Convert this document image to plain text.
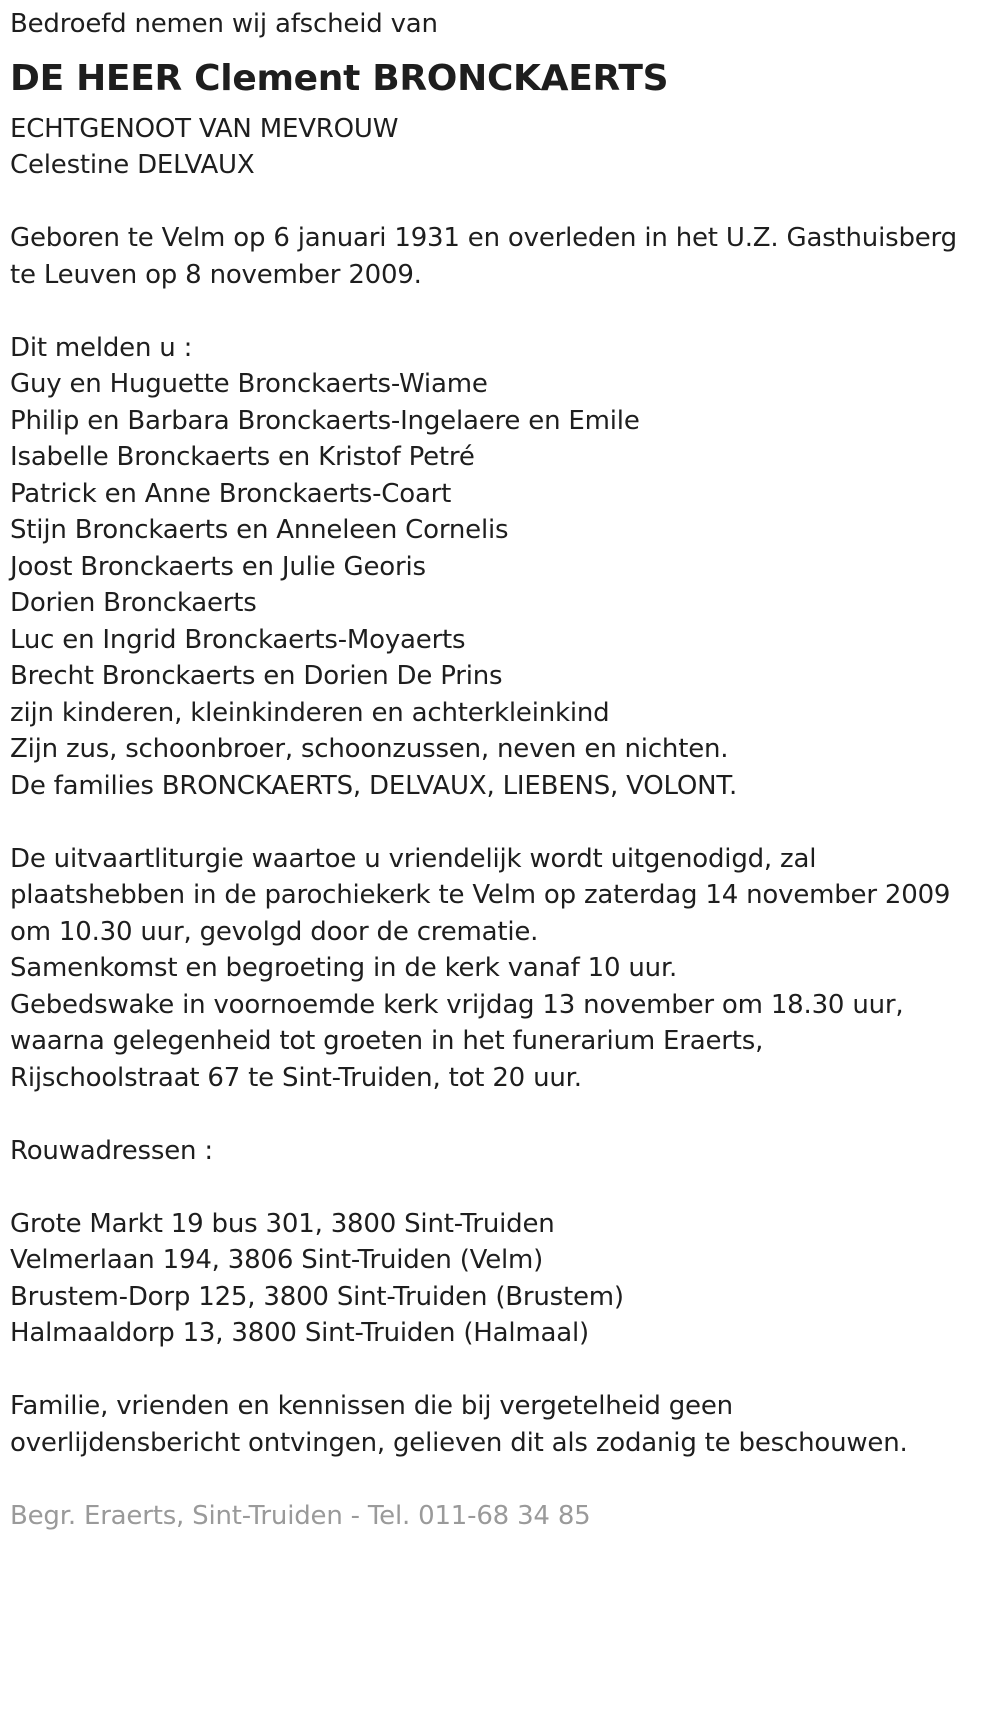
Bedroefd nemen wij afscheid van
DE HEER Clement BRONCKAERTS
ECHTGENOOT VAN MEVROUW
Celestine DELVAUX
Geboren te Velm op 6 januari 1931 en overleden in het U.Z. Gasthuisberg
te Leuven op 8 november 2009.
Dit melden u :
Guy en Huguette Bronckaerts-Wiame
Philip en Barbara Bronckaerts-Ingelaere en Emile
Isabelle Bronckaerts en Kristof Petré
Patrick en Anne Bronckaerts-Coart
Stijn Bronckaerts en Anneleen Cornelis
Joost Bronckaerts en Julie Georis
Dorien Bronckaerts
Luc en Ingrid Bronckaerts-Moyaerts
Brecht Bronckaerts en Dorien De Prins
zijn kinderen, kleinkinderen en achterkleinkind
Zijn zus, schoonbroer, schoonzussen, neven en nichten.
De families BRONCKAERTS, DELVAUX, LIEBENS, VOLONT.
De uitvaartliturgie waartoe u vriendelijk wordt uitgenodigd, zal
plaatshebben in de parochiekerk te Velm op zaterdag 14 november 2009
om 10.30 uur, gevolgd door de crematie.
Samenkomst en begroeting in de kerk vanaf 10 uur.
Gebedswake in voornoemde kerk vrijdag 13 november om 18.30 uur,
waarna gelegenheid tot groeten in het funerarium Eraerts,
Rijschoolstraat 67 te Sint-Truiden, tot 20 uur.
Rouwadressen :
Grote Markt 19 bus 301, 3800 Sint-Truiden
Velmerlaan 194, 3806 Sint-Truiden (Velm)
Brustem-Dorp 125, 3800 Sint-Truiden (Brustem)
Halmaaldorp 13, 3800 Sint-Truiden (Halmaal)
Familie, vrienden en kennissen die bij vergetelheid geen
overlijdensbericht ontvingen, gelieven dit als zodanig te beschouwen.
Begr. Eraerts, Sint-Truiden - Tel. 011-68 34 85
